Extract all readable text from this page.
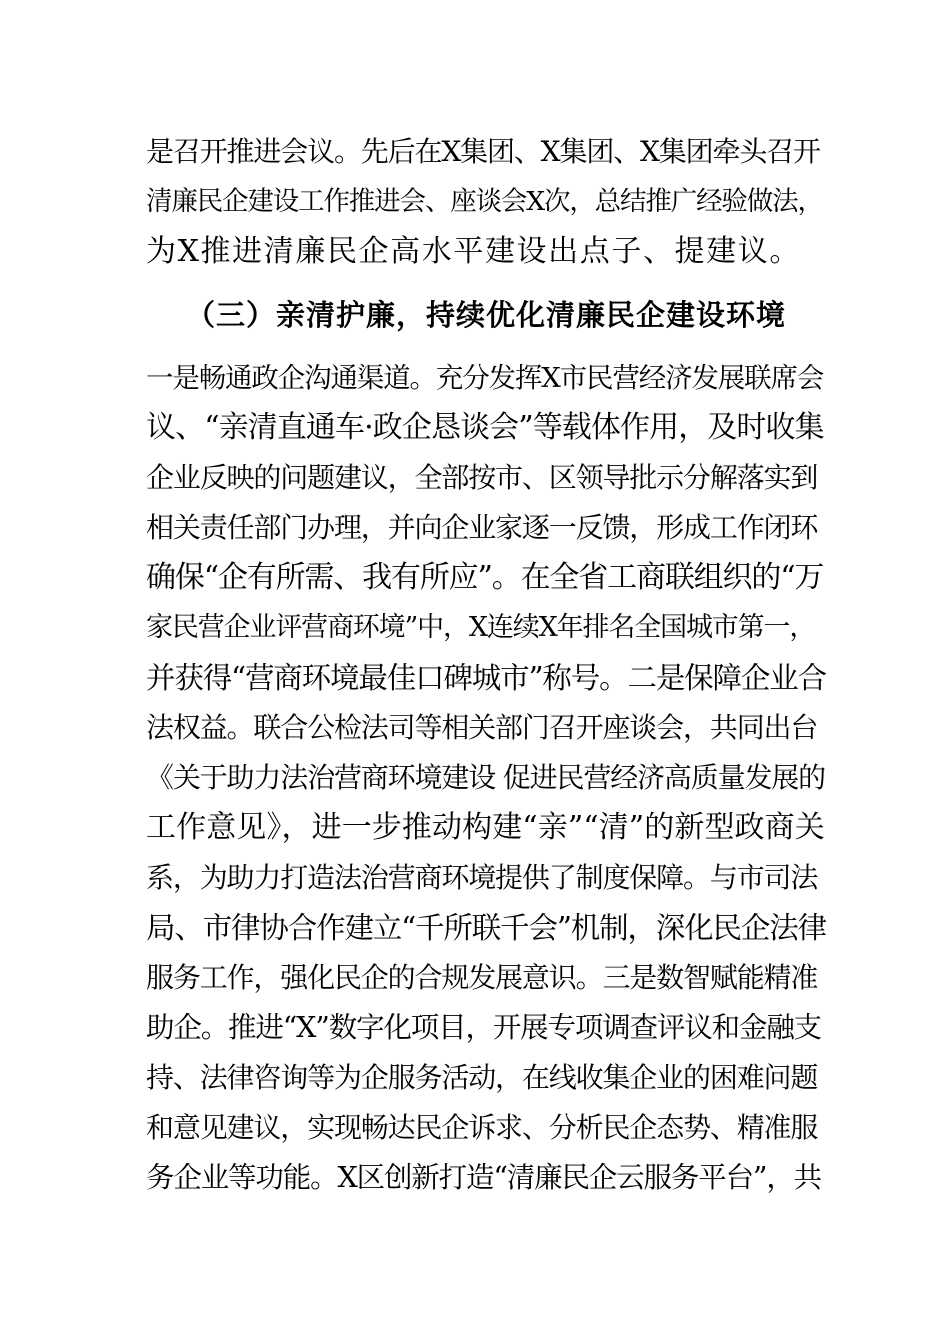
是召开推进会议。先后在X集团、X集团、X集团牵头召开
清廉民企建设工作推进会、座谈会X次，总结推广经验做法，
为X推进清廉民企高水平建设出点子、提建议。
（三）亲清护廉，持续优化清廉民企建设环境
一是畅通政企沟通渠道。充分发挥X市民营经济发展联席会
议、“亲清直通车·政企恳谈会”等载体作用，及时收集
企业反映的问题建议，全部按市、区领导批示分解落实到
相关责任部门办理，并向企业家逐一反馈，形成工作闭环
确保“企有所需、我有所应”。在全省工商联组织的“万
家民营企业评营商环境”中，X连续X年排名全国城市第一，
并获得“营商环境最佳口碑城市”称号。二是保障企业合
法权益。联合公检法司等相关部门召开座谈会，共同出台
《关于助力法治营商环境建设 促进民营经济高质量发展的
工作意见》，进一步推动构建“亲”“清”的新型政商关
系，为助力打造法治营商环境提供了制度保障。与市司法
局、市律协合作建立“千所联千会”机制，深化民企法律
服务工作，强化民企的合规发展意识。三是数智赋能精准
助企。推进“X”数字化项目，开展专项调查评议和金融支
持、法律咨询等为企服务活动，在线收集企业的困难问题
和意见建议，实现畅达民企诉求、分析民企态势、精准服
务企业等功能。X区创新打造“清廉民企云服务平台”，共
